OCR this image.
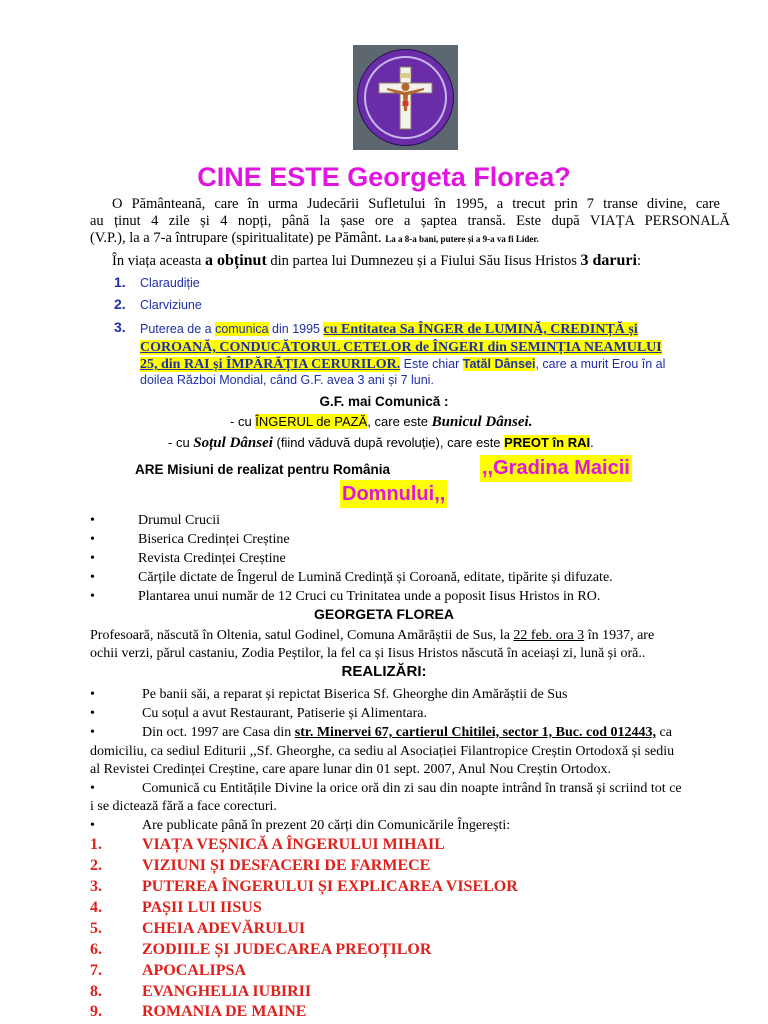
CINE ESTE Georgeta Florea?
O Pământeană, care în urma Judecării Sufletului în 1995, a trecut prin 7 transe divine, care
au ținut 4 zile și 4 nopți, până la șase ore a șaptea transă. Este după VIAȚA PERSONALĂ
(V.P.), la a 7-a întrupare (spiritualitate) pe Pământ. La a 8-a bani, putere și a 9-a va fi Lider.
În viața aceasta a obținut din partea lui Dumnezeu și a Fiului Său Iisus Hristos 3 daruri:
1. Claraudiție
2. Clarviziune
3. Puterea de a comunica din 1995 cu Entitatea Sa ÎNGER de LUMINĂ, CREDINȚĂ și
COROANĂ, CONDUCĂTORUL CETELOR de ÎNGERI din SEMINȚIA NEAMULUI
25, din RAI și ÎMPĂRĂȚIA CERURILOR. Este chiar Tatăl Dânsei, care a murit Erou în al
doilea Război Mondial, când G.F. avea 3 ani și 7 luni.
G.F. mai Comunică :
- cu ÎNGERUL de PAZĂ, care este Bunicul Dânsei.
- cu Soțul Dânsei (fiind văduvă după revoluție), care este PREOT în RAI.
ARE Misiuni de realizat pentru România	,,Gradina Maicii
Domnului,,
•	Drumul Crucii
•	Biserica Credinței Creștine
•	Revista Credinței Creștine
•	Cărțile dictate de Îngerul de Lumină Credință și Coroană, editate, tipărite și difuzate.
•	Plantarea unui număr de 12 Cruci cu Trinitatea unde a poposit Iisus Hristos in RO.
GEORGETA FLOREA
Profesoară, născută în Oltenia, satul Godinel, Comuna Amărăștii de Sus, la 22 feb. ora 3 în 1937, are
ochii verzi, părul castaniu, Zodia Peștilor, la fel ca și Iisus Hristos născută în aceiași zi, lună și oră..
REALIZĂRI:
•	Pe banii săi, a reparat și repictat Biserica Sf. Gheorghe din Amărăștii de Sus
•	Cu soțul a avut Restaurant, Patiserie și Alimentara.
•	Din oct. 1997 are Casa din str. Minervei 67, cartierul Chitilei, sector 1, Buc. cod 012443, ca
domiciliu, ca sediul Editurii ,,Sf. Gheorghe, ca sediu al Asociației Filantropice Creștin Ortodoxă și sediu
al Revistei Credinței Creștine, care apare lunar din 01 sept. 2007, Anul Nou Creștin Ortodox.
•	Comunică cu Entitățile Divine la orice oră din zi sau din noapte intrând în transă și scriind tot ce
i se dictează fără a face corecturi.
•	Are publicate până în prezent 20 cărți din Comunicările Îngerești:
1.	VIAȚA VEȘNICĂ A ÎNGERULUI MIHAIL
2.	VIZIUNI ȘI DESFACERI DE FARMECE
3.	PUTEREA ÎNGERULUI ȘI EXPLICAREA VISELOR
4.	PAȘII LUI IISUS
5.	CHEIA ADEVĂRULUI
6.	ZODIILE ȘI JUDECAREA PREOȚILOR
7.	APOCALIPSA
8.	EVANGHELIA IUBIRII
9.	ROMANIA DE MAINE
